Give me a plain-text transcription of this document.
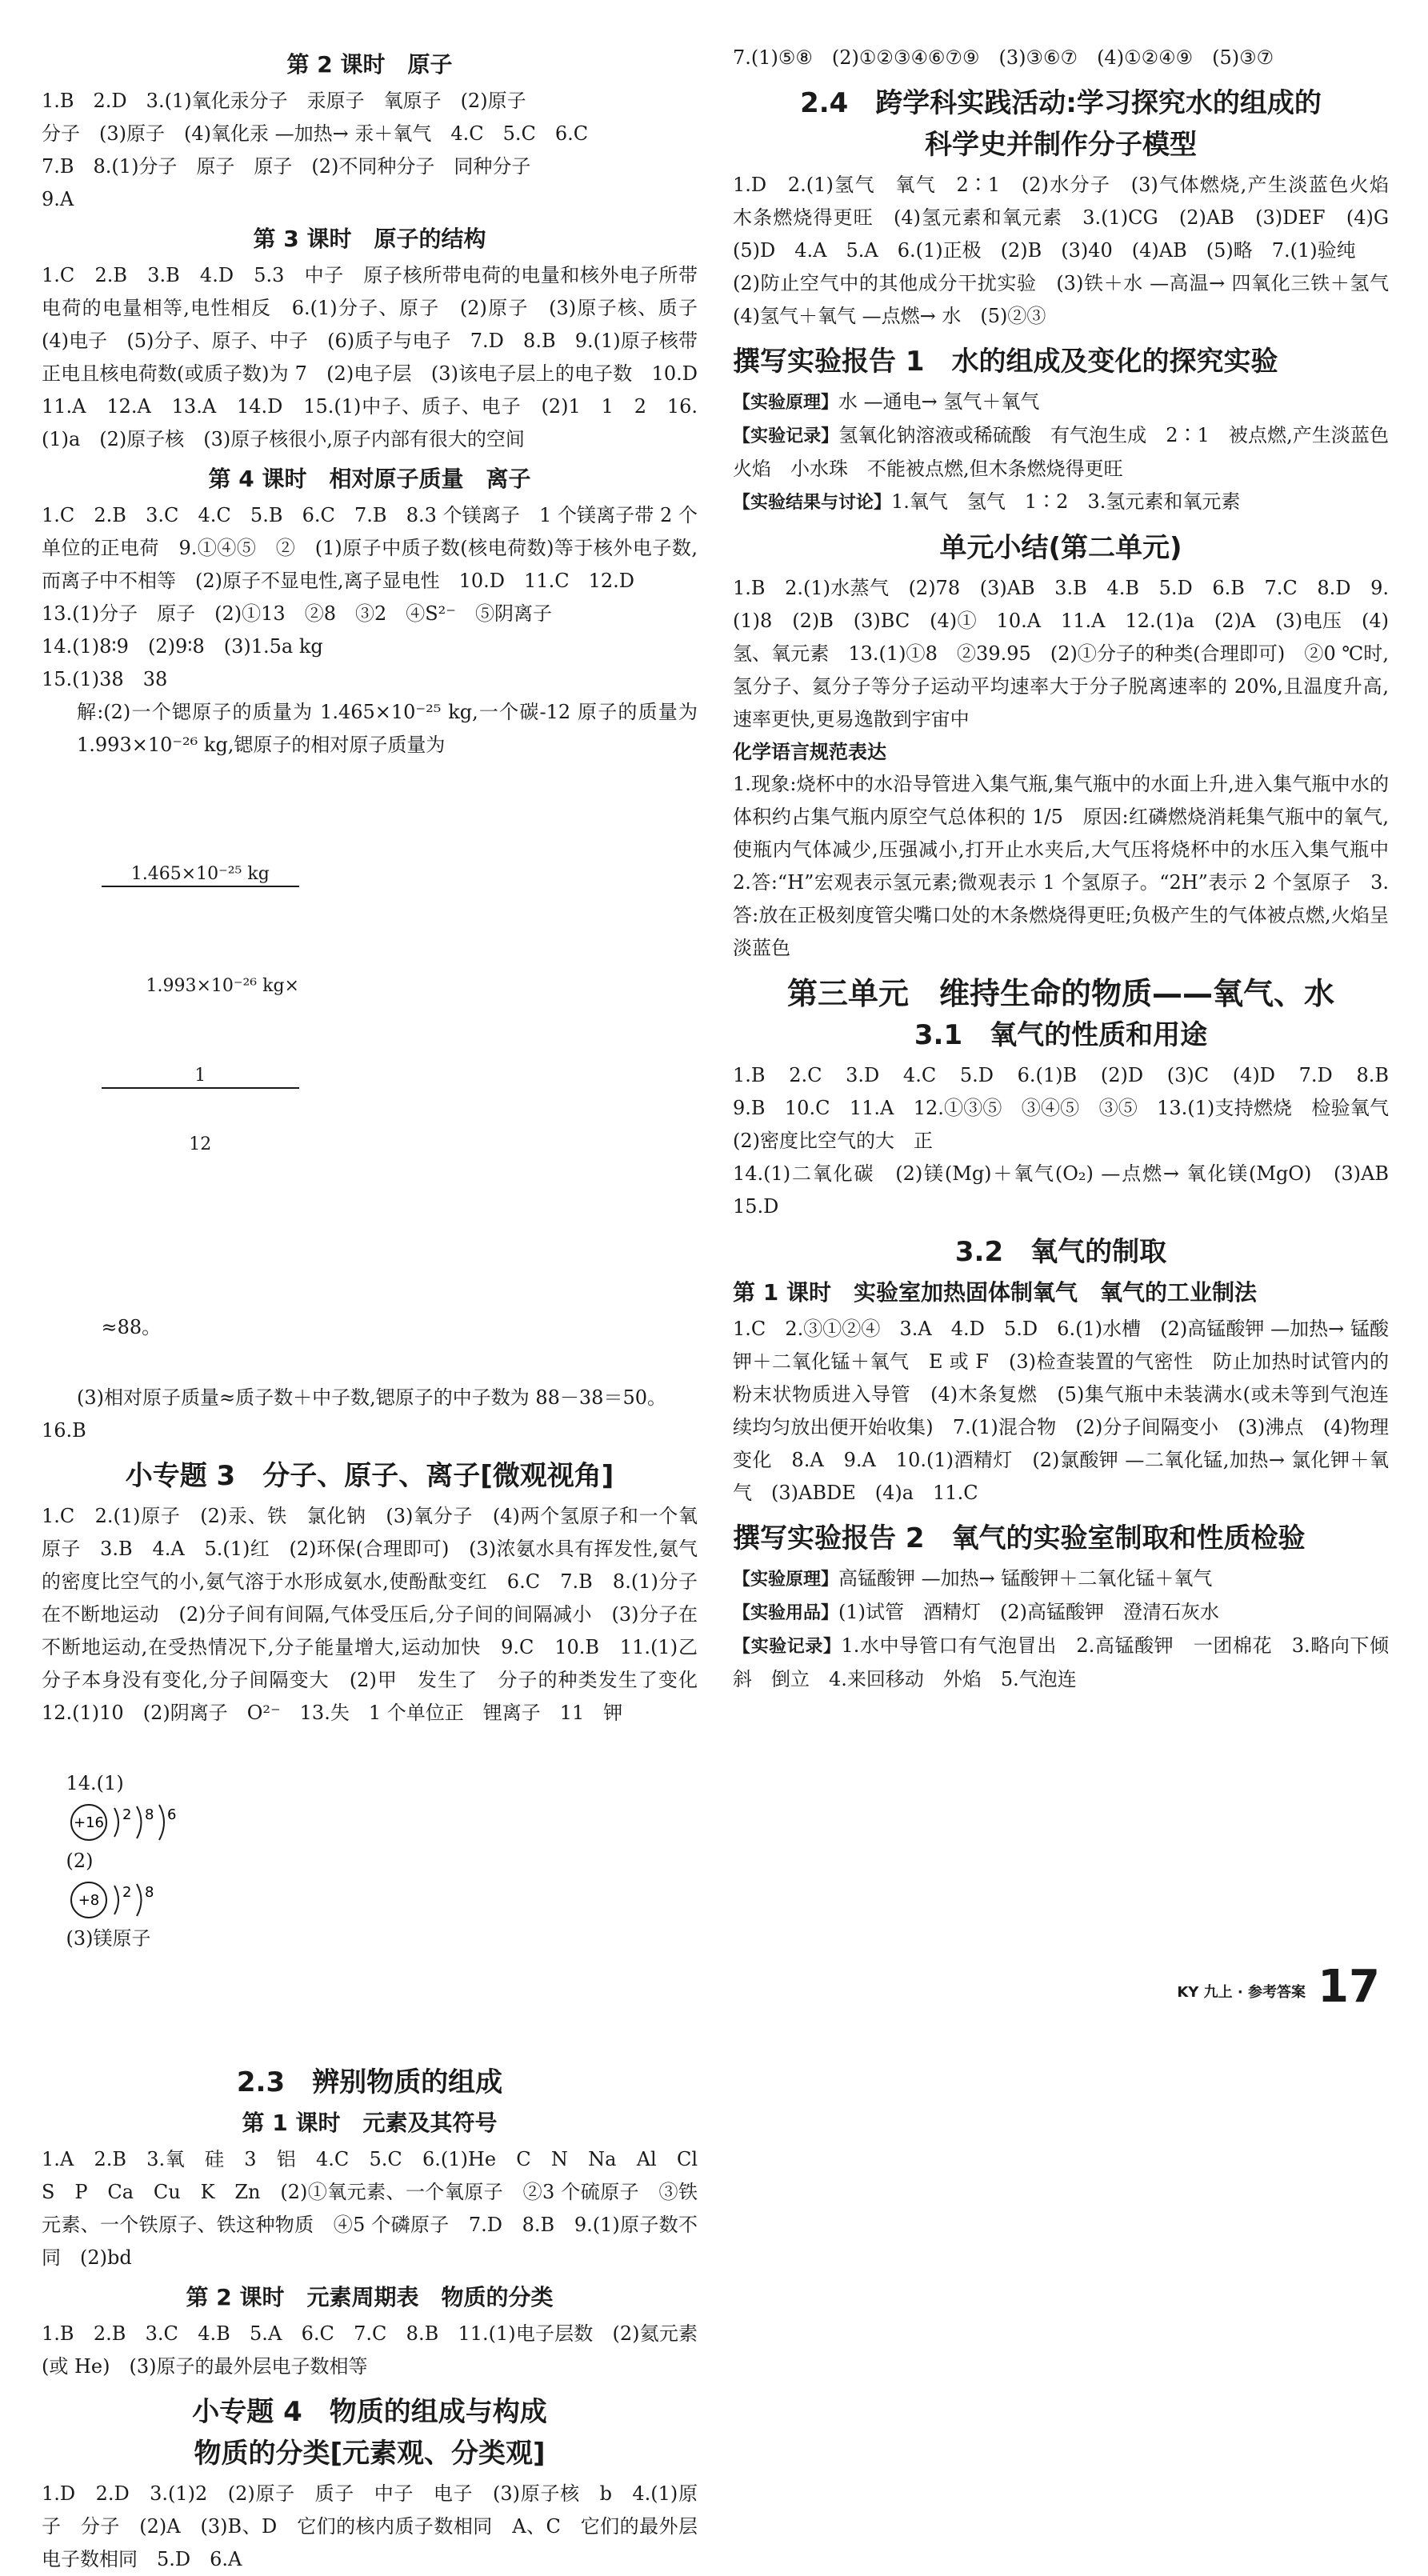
第 2 课时　原子

1.B　2.D　3.(1)氧化汞分子　汞原子　氧原子　(2)原子

分子　(3)原子　(4)氧化汞 —加热→ 汞＋氧气　4.C　5.C　6.C

7.B　8.(1)分子　原子　原子　(2)不同种分子　同种分子

9.A

第 3 课时　原子的结构

1.C　2.B　3.B　4.D　5.3　中子　原子核所带电荷的电量和核外电子所带电荷的电量相等,电性相反　6.(1)分子、原子　(2)原子　(3)原子核、质子　(4)电子　(5)分子、原子、中子　(6)质子与电子　7.D　8.B　9.(1)原子核带正电且核电荷数(或质子数)为 7　(2)电子层　(3)该电子层上的电子数　10.D　11.A　12.A　13.A　14.D　15.(1)中子、质子、电子　(2)1　1　2　16.(1)a　(2)原子核　(3)原子核很小,原子内部有很大的空间

第 4 课时　相对原子质量　离子

1.C　2.B　3.C　4.C　5.B　6.C　7.B　8.3 个镁离子　1 个镁离子带 2 个单位的正电荷　9.①④⑤　②　(1)原子中质子数(核电荷数)等于核外电子数,而离子中不相等　(2)原子不显电性,离子显电性　10.D　11.C　12.D

13.(1)分子　原子　(2)①13　②8　③2　④S²⁻　⑤阴离子

14.(1)8∶9　(2)9∶8　(3)1.5a kg

15.(1)38　38

解:(2)一个锶原子的质量为 1.465×10⁻²⁵ kg,一个碳-12 原子的质量为 1.993×10⁻²⁶ kg,锶原子的相对原子质量为

1.465×10⁻²⁵ kg

1.993×10⁻²⁶ kg×

1

12

≈88。

(3)相对原子质量≈质子数＋中子数,锶原子的中子数为 88－38＝50。

16.B

小专题 3　分子、原子、离子[微观视角]

1.C　2.(1)原子　(2)汞、铁　氯化钠　(3)氧分子　(4)两个氢原子和一个氧原子　3.B　4.A　5.(1)红　(2)环保(合理即可)　(3)浓氨水具有挥发性,氨气的密度比空气的小,氨气溶于水形成氨水,使酚酞变红　6.C　7.B　8.(1)分子在不断地运动　(2)分子间有间隔,气体受压后,分子间的间隔减小　(3)分子在不断地运动,在受热情况下,分子能量增大,运动加快　9.C　10.B　11.(1)乙　分子本身没有变化,分子间隔变大　(2)甲　发生了　分子的种类发生了变化　12.(1)10　(2)阴离子　O²⁻　13.失　1 个单位正　锂离子　11　钾

14.(1)

+16 2 8 6

(2)

+8 2 8

(3)镁原子

2.3　辨别物质的组成
第 1 课时　元素及其符号

1.A　2.B　3.氧　硅　3　铝　4.C　5.C　6.(1)He　C　N　Na　Al　Cl　S　P　Ca　Cu　K　Zn　(2)①氧元素、一个氧原子　②3 个硫原子　③铁元素、一个铁原子、铁这种物质　④5 个磷原子　7.D　8.B　9.(1)原子数不同　(2)bd

第 2 课时　元素周期表　物质的分类

1.B　2.B　3.C　4.B　5.A　6.C　7.C　8.B　11.(1)电子层数　(2)氦元素(或 He)　(3)原子的最外层电子数相等

小专题 4　物质的组成与构成
物质的分类[元素观、分类观]

1.D　2.D　3.(1)2　(2)原子　质子　中子　电子　(3)原子核　b　4.(1)原子　分子　(2)A　(3)B、D　它们的核内质子数相同　A、C　它们的最外层电子数相同　5.D　6.A

7.(1)⑤⑧　(2)①②③④⑥⑦⑨　(3)③⑥⑦　(4)①②④⑨　(5)③⑦

2.4　跨学科实践活动:学习探究水的组成的
科学史并制作分子模型

1.D　2.(1)氢气　氧气　2∶1　(2)水分子　(3)气体燃烧,产生淡蓝色火焰　木条燃烧得更旺　(4)氢元素和氧元素　3.(1)CG　(2)AB　(3)DEF　(4)G　(5)D　4.A　5.A　6.(1)正极　(2)B　(3)40　(4)AB　(5)略　7.(1)验纯

(2)防止空气中的其他成分干扰实验　(3)铁＋水 —高温→ 四氧化三铁＋氢气　(4)氢气＋氧气 —点燃→ 水　(5)②③

撰写实验报告 1　水的组成及变化的探究实验

【实验原理】水 —通电→ 氢气＋氧气

【实验记录】氢氧化钠溶液或稀硫酸　有气泡生成　2∶1　被点燃,产生淡蓝色火焰　小水珠　不能被点燃,但木条燃烧得更旺

【实验结果与讨论】1.氧气　氢气　1∶2　3.氢元素和氧元素

单元小结(第二单元)

1.B　2.(1)水蒸气　(2)78　(3)AB　3.B　4.B　5.D　6.B　7.C　8.D　9.(1)8　(2)B　(3)BC　(4)①　10.A　11.A　12.(1)a　(2)A　(3)电压　(4)氢、氧元素　13.(1)①8　②39.95　(2)①分子的种类(合理即可)　②0 ℃时,氢分子、氦分子等分子运动平均速率大于分子脱离速率的 20%,且温度升高,速率更快,更易逸散到宇宙中

化学语言规范表达

1.现象:烧杯中的水沿导管进入集气瓶,集气瓶中的水面上升,进入集气瓶中水的体积约占集气瓶内原空气总体积的 1/5　原因:红磷燃烧消耗集气瓶中的氧气,使瓶内气体减少,压强减小,打开止水夹后,大气压将烧杯中的水压入集气瓶中　2.答:“H”宏观表示氢元素;微观表示 1 个氢原子。“2H”表示 2 个氢原子　3.答:放在正极刻度管尖嘴口处的木条燃烧得更旺;负极产生的气体被点燃,火焰呈淡蓝色

第三单元　维持生命的物质——氧气、水
3.1　氧气的性质和用途

1.B　2.C　3.D　4.C　5.D　6.(1)B　(2)D　(3)C　(4)D　7.D　8.B　9.B　10.C　11.A　12.①③⑤　③④⑤　③⑤　13.(1)支持燃烧　检验氧气　(2)密度比空气的大　正

14.(1)二氧化碳　(2)镁(Mg)＋氧气(O₂) —点燃→ 氧化镁(MgO)　(3)AB　15.D

3.2　氧气的制取
第 1 课时　实验室加热固体制氧气　氧气的工业制法

1.C　2.③①②④　3.A　4.D　5.D　6.(1)水槽　(2)高锰酸钾 —加热→ 锰酸钾＋二氧化锰＋氧气　E 或 F　(3)检查装置的气密性　防止加热时试管内的粉末状物质进入导管　(4)木条复燃　(5)集气瓶中未装满水(或未等到气泡连续均匀放出便开始收集)　7.(1)混合物　(2)分子间隔变小　(3)沸点　(4)物理变化　8.A　9.A　10.(1)酒精灯　(2)氯酸钾 —二氧化锰,加热→ 氯化钾＋氧气　(3)ABDE　(4)a　11.C

撰写实验报告 2　氧气的实验室制取和性质检验

【实验原理】高锰酸钾 —加热→ 锰酸钾＋二氧化锰＋氧气

【实验用品】(1)试管　酒精灯　(2)高锰酸钾　澄清石灰水

【实验记录】1.水中导管口有气泡冒出　2.高锰酸钾　一团棉花　3.略向下倾斜　倒立　4.来回移动　外焰　5.气泡连

KY 九上 · 参考答案 17
